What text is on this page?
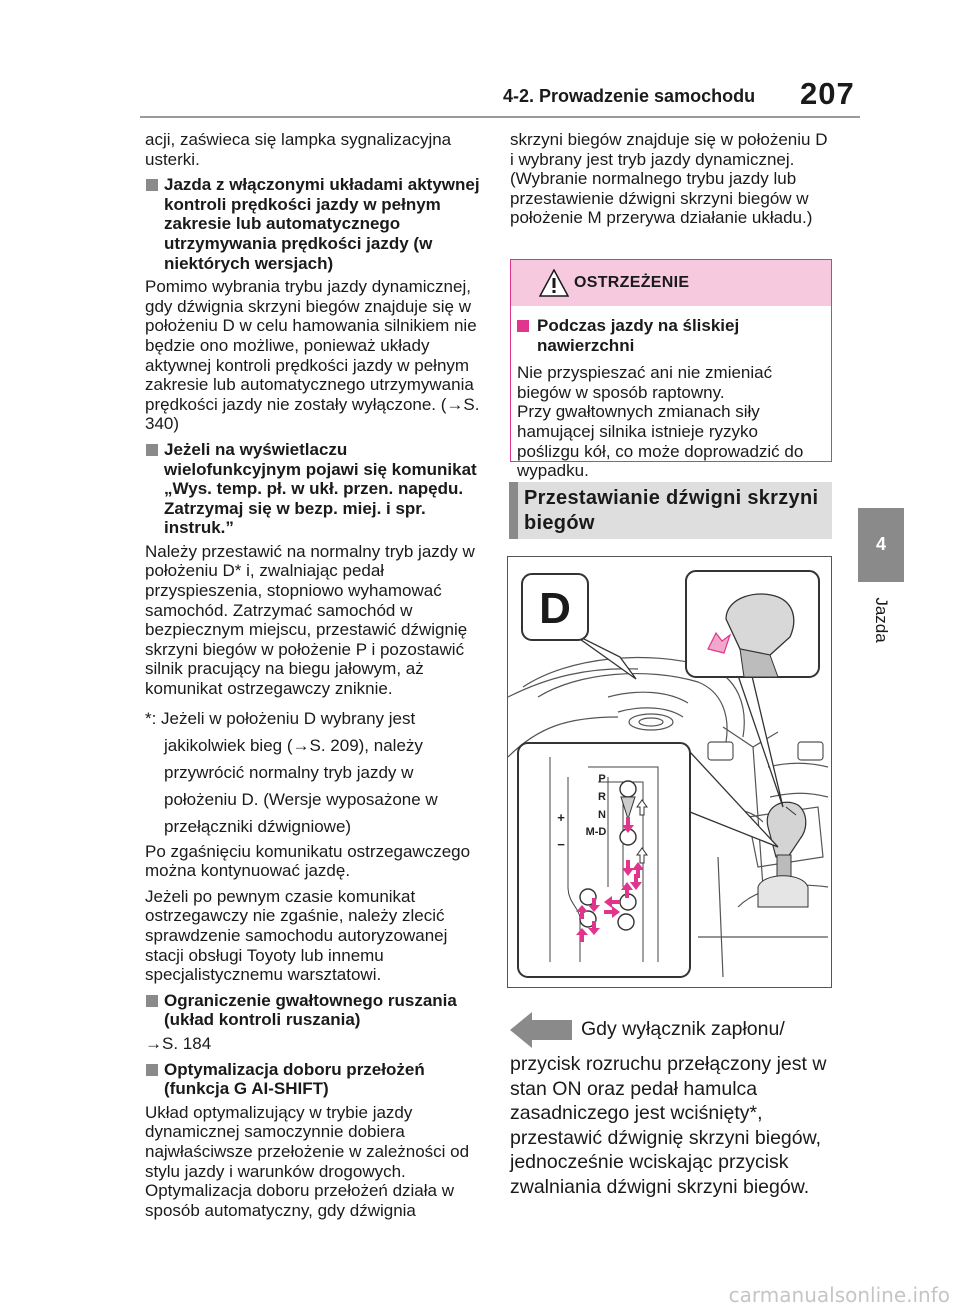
4-2. Prowadzenie samochodu 207
4
Jazda
acji, zaświeca się lampka sygnalizacyjna usterki.
Jazda z włączonymi układami aktywnej kontroli prędkości jazdy w pełnym zakresie lub automatycznego utrzymywania prędkości jazdy (w niektórych wersjach)
Pomimo wybrania trybu jazdy dynamicznej, gdy dźwignia skrzyni biegów znajduje się w położeniu D w celu hamowania silnikiem nie będzie ono możliwe, ponieważ układy aktywnej kontroli prędkości jazdy w pełnym zakresie lub automatycznego utrzymywania prędkości jazdy nie zostały wyłączone. (→S. 340)
Jeżeli na wyświetlaczu wielofunkcyjnym pojawi się komunikat „Wys. temp. pł. w ukł. przen. napędu. Zatrzymaj się w bezp. miej. i spr. instruk.”
Należy przestawić na normalny tryb jazdy w położeniu D* i, zwalniając pedał przyspieszenia, stopniowo wyhamować samochód. Zatrzymać samochód w bezpiecznym miejscu, przestawić dźwignię skrzyni biegów w położenie P i pozostawić silnik pracujący na biegu jałowym, aż komunikat ostrzegawczy zniknie.
*: Jeżeli w położeniu D wybrany jest jakikolwiek bieg (→S. 209), należy przywrócić normalny tryb jazdy w położeniu D. (Wersje wyposażone w przełączniki dźwigniowe)
Po zgaśnięciu komunikatu ostrzegawczego można kontynuować jazdę.
Jeżeli po pewnym czasie komunikat ostrzegawczy nie zgaśnie, należy zlecić sprawdzenie samochodu autoryzowanej stacji obsługi Toyoty lub innemu specjalistycznemu warsztatowi.
Ograniczenie gwałtownego ruszania (układ kontroli ruszania)
→S. 184
Optymalizacja doboru przełożeń (funkcja G AI-SHIFT)
Układ optymalizujący w trybie jazdy dynamicznej samoczynnie dobiera najwłaściwsze przełożenie w zależności od stylu jazdy i warunków drogowych. Optymalizacja doboru przełożeń działa w sposób automatyczny, gdy dźwignia
skrzyni biegów znajduje się w położeniu D i wybrany jest tryb jazdy dynamicznej. (Wybranie normalnego trybu jazdy lub przestawienie dźwigni skrzyni biegów w położenie M przerywa działanie układu.)
OSTRZEŻENIE
Podczas jazdy na śliskiej nawierzchni
Nie przyspieszać ani nie zmieniać biegów w sposób raptowny.
Przy gwałtownych zmianach siły hamującej silnika istnieje ryzyko poślizgu kół, co może doprowadzić do wypadku.
Przestawianie dźwigni skrzyni biegów
D
P
R
N
M-D
+
−
Gdy wyłącznik zapłonu/
przycisk rozruchu przełączony jest w stan ON oraz pedał hamulca zasadniczego jest wciśnięty*, przestawić dźwignię skrzyni biegów, jednocześnie wciskając przycisk zwalniania dźwigni skrzyni biegów.
carmanualsonline.info
